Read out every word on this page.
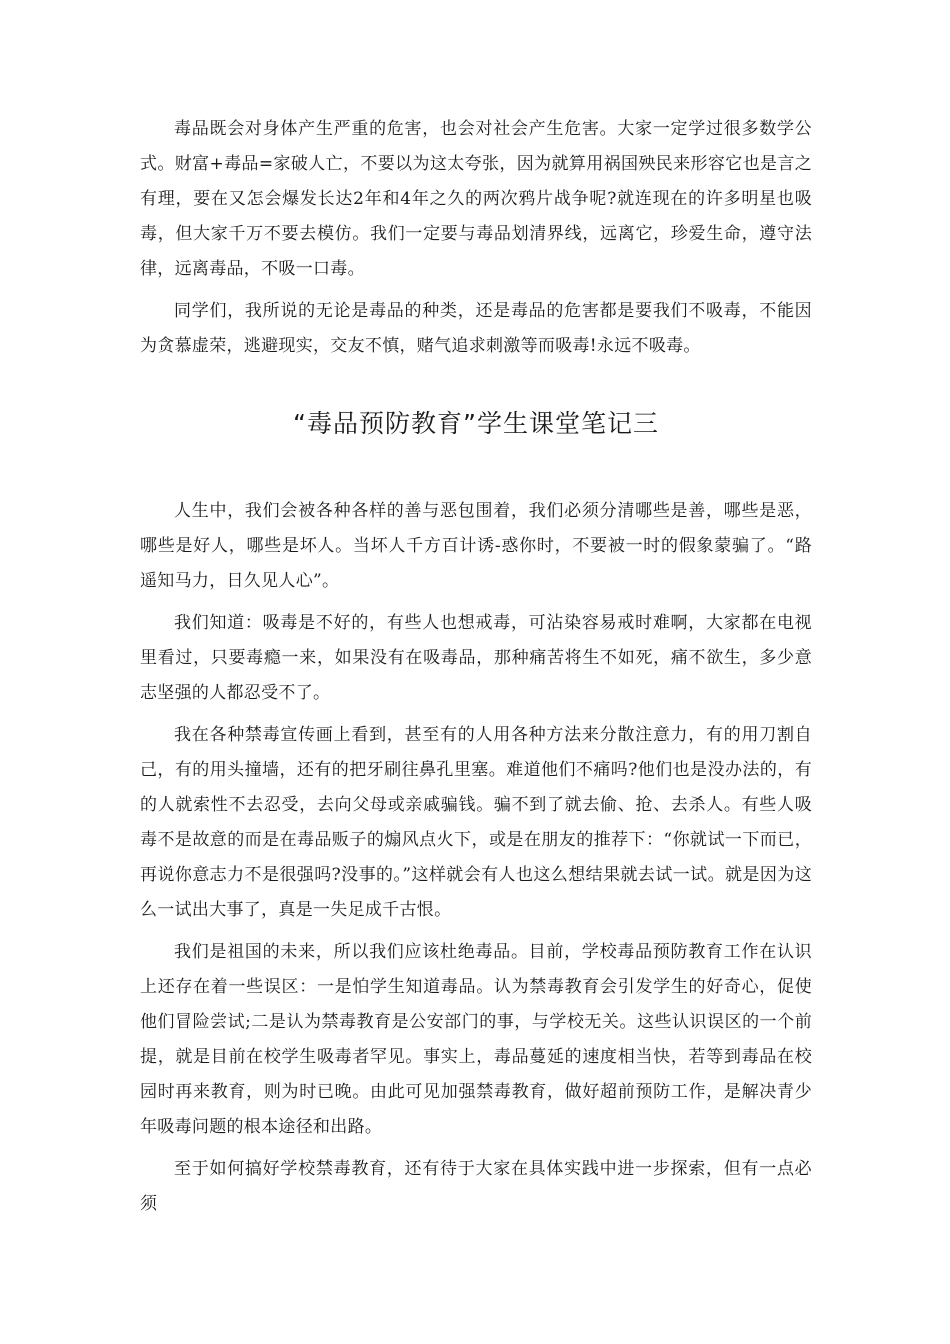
毒品既会对身体产生严重的危害，也会对社会产生危害。大家一定学过很多数学公式。财富+毒品=家破人亡，不要以为这太夸张，因为就算用祸国殃民来形容它也是言之有理，要在又怎会爆发长达2年和4年之久的两次鸦片战争呢?就连现在的许多明星也吸毒，但大家千万不要去模仿。我们一定要与毒品划清界线，远离它，珍爱生命，遵守法律，远离毒品，不吸一口毒。

同学们，我所说的无论是毒品的种类，还是毒品的危害都是要我们不吸毒，不能因为贪慕虚荣，逃避现实，交友不慎，赌气追求刺激等而吸毒!永远不吸毒。

“毒品预防教育”学生课堂笔记三

人生中，我们会被各种各样的善与恶包围着，我们必须分清哪些是善，哪些是恶，哪些是好人，哪些是坏人。当坏人千方百计诱-惑你时，不要被一时的假象蒙骗了。“路遥知马力，日久见人心”。

我们知道：吸毒是不好的，有些人也想戒毒，可沾染容易戒时难啊，大家都在电视里看过，只要毒瘾一来，如果没有在吸毒品，那种痛苦将生不如死，痛不欲生，多少意志坚强的人都忍受不了。

我在各种禁毒宣传画上看到，甚至有的人用各种方法来分散注意力，有的用刀割自己，有的用头撞墙，还有的把牙刷往鼻孔里塞。难道他们不痛吗?他们也是没办法的，有的人就索性不去忍受，去向父母或亲戚骗钱。骗不到了就去偷、抢、去杀人。有些人吸毒不是故意的而是在毒品贩子的煽风点火下，或是在朋友的推荐下：“你就试一下而已，再说你意志力不是很强吗?没事的。”这样就会有人也这么想结果就去试一试。就是因为这么一试出大事了，真是一失足成千古恨。

我们是祖国的未来，所以我们应该杜绝毒品。目前，学校毒品预防教育工作在认识上还存在着一些误区：一是怕学生知道毒品。认为禁毒教育会引发学生的好奇心，促使他们冒险尝试;二是认为禁毒教育是公安部门的事，与学校无关。这些认识误区的一个前提，就是目前在校学生吸毒者罕见。事实上，毒品蔓延的速度相当快，若等到毒品在校园时再来教育，则为时已晚。由此可见加强禁毒教育，做好超前预防工作，是解决青少年吸毒问题的根本途径和出路。

至于如何搞好学校禁毒教育，还有待于大家在具体实践中进一步探索，但有一点必须
